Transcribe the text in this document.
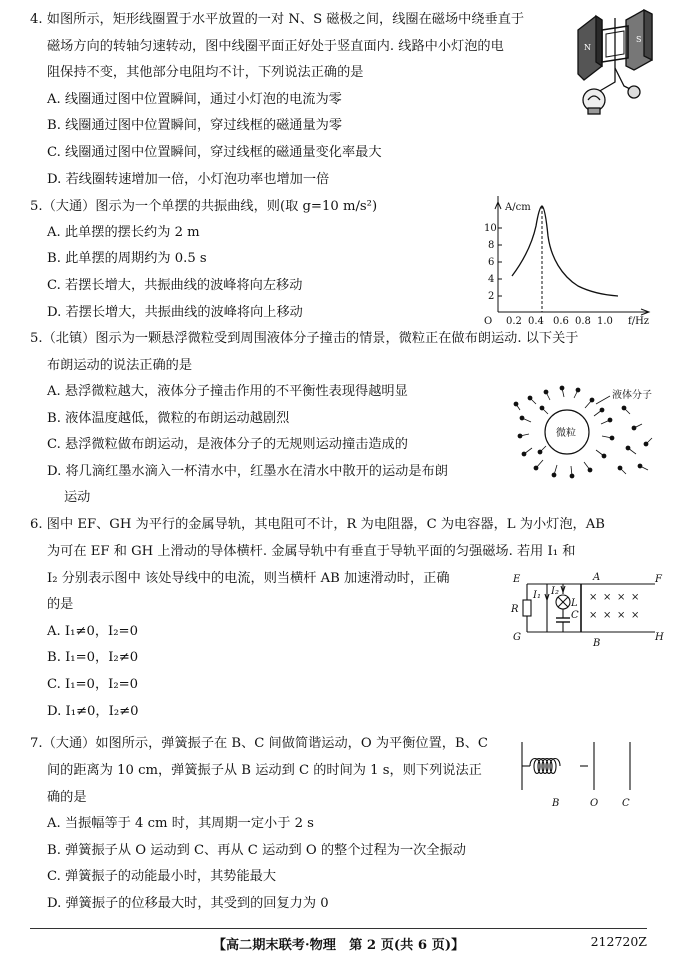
4. 如图所示，矩形线圈置于水平放置的一对 N、S 磁极之间，线圈在磁场中绕垂直于
磁场方向的转轴匀速转动，图中线圈平面正好处于竖直面内. 线路中小灯泡的电
阻保持不变，其他部分电阻均不计，下列说法正确的是
A. 线圈通过图中位置瞬间，通过小灯泡的电流为零
B. 线圈通过图中位置瞬间，穿过线框的磁通量为零
C. 线圈通过图中位置瞬间，穿过线框的磁通量变化率最大
D. 若线圈转速增加一倍，小灯泡功率也增加一倍
N
S
5.（大通）图示为一个单摆的共振曲线，则(取 g=10 m/s²)
A. 此单摆的摆长约为 2 m
B. 此单摆的周期约为 0.5 s
C. 若摆长增大，共振曲线的波峰将向左移动
D. 若摆长增大，共振曲线的波峰将向上移动
A/cm
f/Hz
O
10
8
6
4
2
0.2 0.4 0.6 0.8 1.0
5.（北镇）图示为一颗悬浮微粒受到周围液体分子撞击的情景，微粒正在做布朗运动. 以下关于
布朗运动的说法正确的是
A. 悬浮微粒越大，液体分子撞击作用的不平衡性表现得越明显
B. 液体温度越低，微粒的布朗运动越剧烈
C. 悬浮微粒做布朗运动，是液体分子的无规则运动撞击造成的
D. 将几滴红墨水滴入一杯清水中，红墨水在清水中散开的运动是布朗
运动
微粒
液体分子
6. 图中 EF、GH 为平行的金属导轨，其电阻可不计，R 为电阻器，C 为电容器，L 为小灯泡，AB
为可在 EF 和 GH 上滑动的导体横杆. 金属导轨中有垂直于导轨平面的匀强磁场. 若用 I₁ 和
I₂ 分别表示图中 该处导线中的电流，则当横杆 AB 加速滑动时，正确
的是
A. I₁≠0，I₂=0
B. I₁=0，I₂≠0
C. I₁=0，I₂=0
D. I₁≠0，I₂≠0
× × × ×
× × × ×
E	F
G	H
A
B
R
C
L
I₁ I₂
7.（大通）如图所示，弹簧振子在 B、C 间做简谐运动，O 为平衡位置，B、C
间的距离为 10 cm，弹簧振子从 B 运动到 C 的时间为 1 s，则下列说法正
确的是
A. 当振幅等于 4 cm 时，其周期一定小于 2 s
B. 弹簧振子从 O 运动到 C、再从 C 运动到 O 的整个过程为一次全振动
C. 弹簧振子的动能最小时，其势能最大
D. 弹簧振子的位移最大时，其受到的回复力为 0
B	O C
【高二期末联考·物理　第 2 页(共 6 页)】	212720Z
